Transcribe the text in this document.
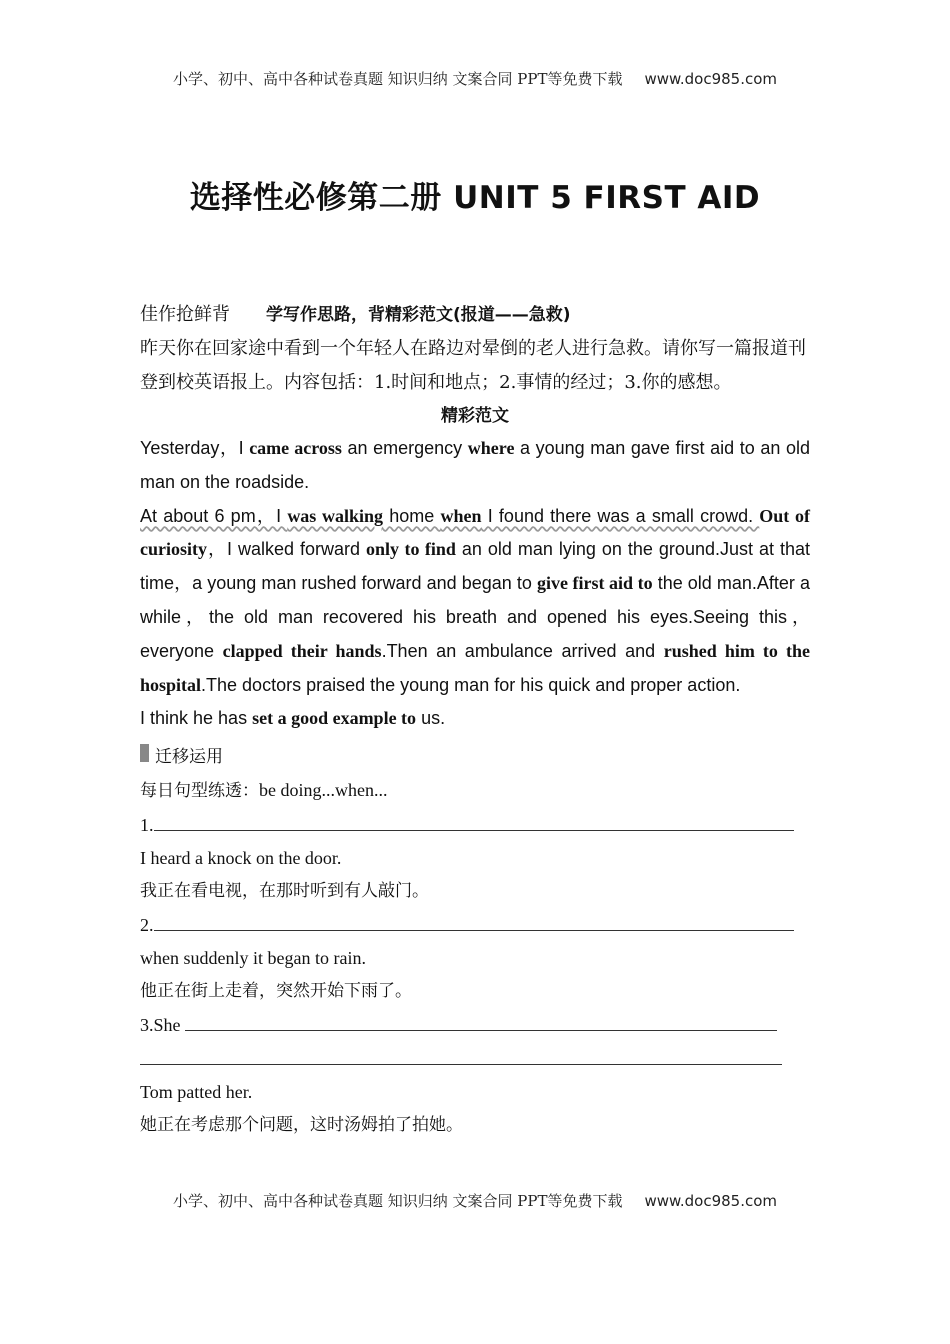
小学、初中、高中各种试卷真题 知识归纳 文案合同 PPT等免费下载 www.doc985.com
选择性必修第二册 UNIT 5 FIRST AID
佳作抢鲜背 学写作思路，背精彩范文(报道——急救)
昨天你在回家途中看到一个年轻人在路边对晕倒的老人进行急救。请你写一篇报道刊登到校英语报上。内容包括：1.时间和地点；2.事情的经过；3.你的感想。
精彩范文

Yesterday，I came across an emergency where a young man gave first aid to an old man on the roadside.

At about 6 pm，I was walking home when I found there was a small crowd. Out of curiosity，I walked forward only to find an old man lying on the ground.Just at that time，a young man rushed forward and began to give first aid to the old man.After a while，the old man recovered his breath and opened his eyes.Seeing this，everyone clapped their hands.Then an ambulance arrived and rushed him to the hospital.The doctors praised the young man for his quick and proper action.

I think he has set a good example to us.

迁移运用
每日句型练透：be doing...when...
1.
I heard a knock on the door.
我正在看电视，在那时听到有人敲门。
2.
when suddenly it began to rain.
他正在街上走着，突然开始下雨了。
3.She
Tom patted her.
她正在考虑那个问题，这时汤姆拍了拍她。
小学、初中、高中各种试卷真题 知识归纳 文案合同 PPT等免费下载 www.doc985.com
